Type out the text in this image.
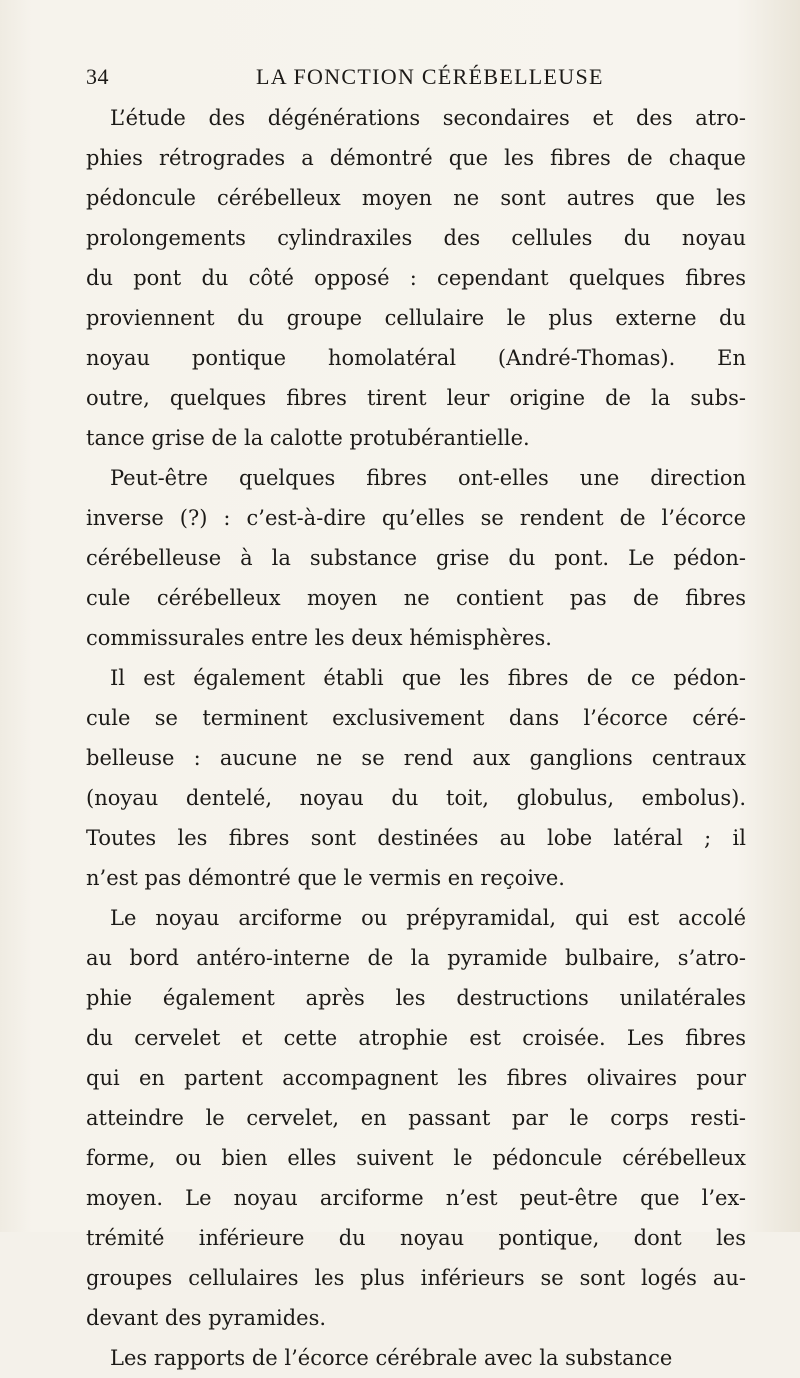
34	LA FONCTION CÉRÉBELLEUSE
L’étude des dégénérations secondaires et des atro-
phies rétrogrades a démontré que les fibres de chaque
pédoncule cérébelleux moyen ne sont autres que les
prolongements cylindraxiles des cellules du noyau
du pont du côté opposé : cependant quelques fibres
proviennent du groupe cellulaire le plus externe du
noyau pontique homolatéral (André-Thomas). En
outre, quelques fibres tirent leur origine de la subs-
tance grise de la calotte protubérantielle.
Peut-être quelques fibres ont-elles une direction
inverse (?) : c’est-à-dire qu’elles se rendent de l’écorce
cérébelleuse à la substance grise du pont. Le pédon-
cule cérébelleux moyen ne contient pas de fibres
commissurales entre les deux hémisphères.
Il est également établi que les fibres de ce pédon-
cule se terminent exclusivement dans l’écorce céré-
belleuse : aucune ne se rend aux ganglions centraux
(noyau dentelé, noyau du toit, globulus, embolus).
Toutes les fibres sont destinées au lobe latéral ; il
n’est pas démontré que le vermis en reçoive.
Le noyau arciforme ou prépyramidal, qui est accolé
au bord antéro-interne de la pyramide bulbaire, s’atro-
phie également après les destructions unilatérales
du cervelet et cette atrophie est croisée. Les fibres
qui en partent accompagnent les fibres olivaires pour
atteindre le cervelet, en passant par le corps resti-
forme, ou bien elles suivent le pédoncule cérébelleux
moyen. Le noyau arciforme n’est peut-être que l’ex-
trémité inférieure du noyau pontique, dont les
groupes cellulaires les plus inférieurs se sont logés au-
devant des pyramides.
Les rapports de l’écorce cérébrale avec la substance
